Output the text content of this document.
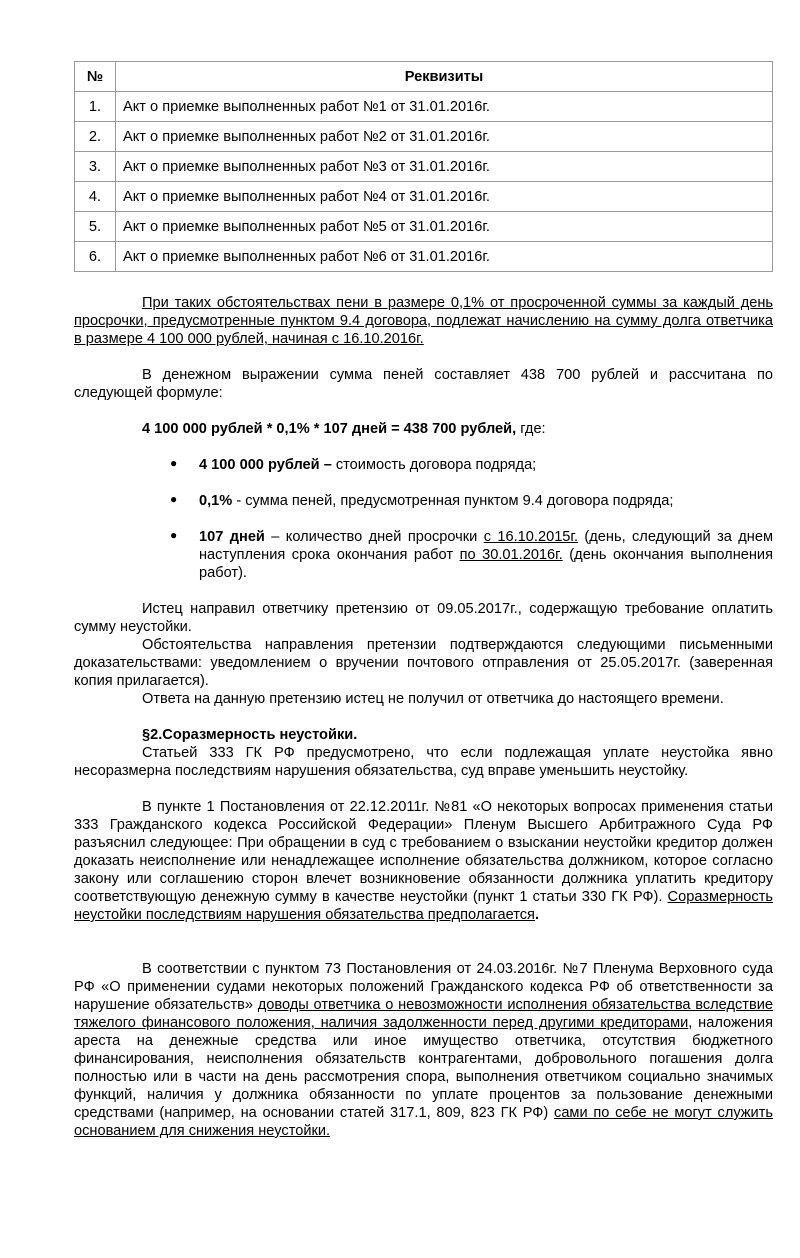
№	Реквизиты
1.	Акт о приемке выполненных работ №1 от 31.01.2016г.
2.	Акт о приемке выполненных работ №2 от 31.01.2016г.
3.	Акт о приемке выполненных работ №3 от 31.01.2016г.
4.	Акт о приемке выполненных работ №4 от 31.01.2016г.
5.	Акт о приемке выполненных работ №5 от 31.01.2016г.
6.	Акт о приемке выполненных работ №6 от 31.01.2016г.
При таких обстоятельствах пени в размере 0,1% от просроченной суммы за каждый день просрочки, предусмотренные пунктом 9.4 договора, подлежат начислению на сумму долга ответчика в размере 4 100 000 рублей, начиная с 16.10.2016г.
В денежном выражении сумма пеней составляет 438 700 рублей и рассчитана по следующей формуле:
4 100 000 рублей * 0,1% * 107 дней = 438 700 рублей, где:
● 4 100 000 рублей – стоимость договора подряда;
● 0,1% - сумма пеней, предусмотренная пунктом 9.4 договора подряда;
● 107 дней – количество дней просрочки с 16.10.2015г. (день, следующий за днем наступления срока окончания работ по 30.01.2016г. (день окончания выполнения работ).
Истец направил ответчику претензию от 09.05.2017г., содержащую требование оплатить сумму неустойки.
Обстоятельства направления претензии подтверждаются следующими письменными доказательствами: уведомлением о вручении почтового отправления от 25.05.2017г. (заверенная копия прилагается).
Ответа на данную претензию истец не получил от ответчика до настоящего времени.
§2.Соразмерность неустойки.
Статьей 333 ГК РФ предусмотрено, что если подлежащая уплате неустойка явно несоразмерна последствиям нарушения обязательства, суд вправе уменьшить неустойку.
В пункте 1 Постановления от 22.12.2011г. №81 «О некоторых вопросах применения статьи 333 Гражданского кодекса Российской Федерации» Пленум Высшего Арбитражного Суда РФ разъяснил следующее: При обращении в суд с требованием о взыскании неустойки кредитор должен доказать неисполнение или ненадлежащее исполнение обязательства должником, которое согласно закону или соглашению сторон влечет возникновение обязанности должника уплатить кредитору соответствующую денежную сумму в качестве неустойки (пункт 1 статьи 330 ГК РФ). Соразмерность неустойки последствиям нарушения обязательства предполагается.
В соответствии с пунктом 73 Постановления от 24.03.2016г. №7 Пленума Верховного суда РФ «О применении судами некоторых положений Гражданского кодекса РФ об ответственности за нарушение обязательств» доводы ответчика о невозможности исполнения обязательства вследствие тяжелого финансового положения, наличия задолженности перед другими кредиторами, наложения ареста на денежные средства или иное имущество ответчика, отсутствия бюджетного финансирования, неисполнения обязательств контрагентами, добровольного погашения долга полностью или в части на день рассмотрения спора, выполнения ответчиком социально значимых функций, наличия у должника обязанности по уплате процентов за пользование денежными средствами (например, на основании статей 317.1, 809, 823 ГК РФ) сами по себе не могут служить основанием для снижения неустойки.
